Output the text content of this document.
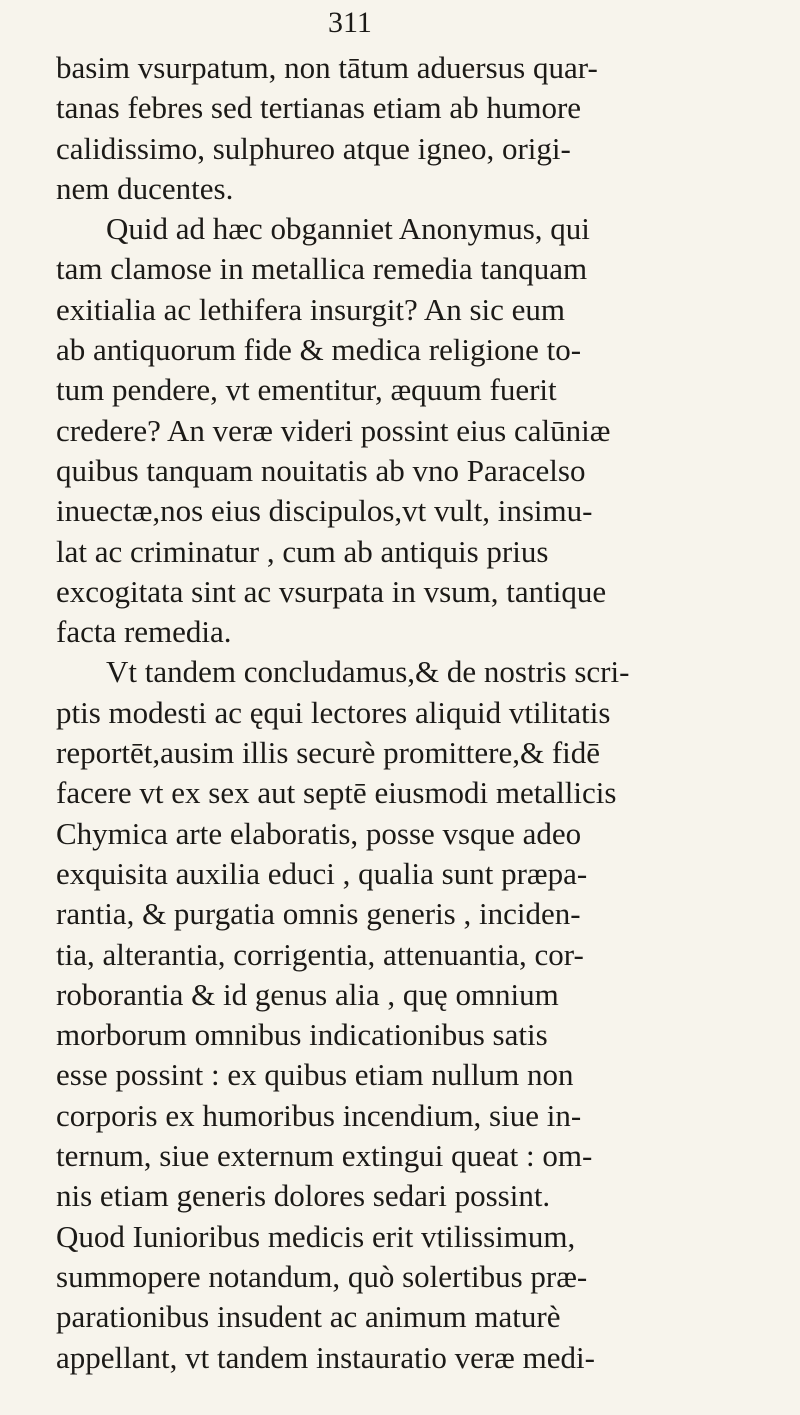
311
basim vsurpatum, non tātum aduersus quar-
tanas febres sed tertianas etiam ab humore
calidissimo, sulphureo atque igneo, origi-
nem ducentes.
Quid ad hæc obganniet Anonymus, qui
tam clamose in metallica remedia tanquam
exitialia ac lethifera insurgit? An sic eum
ab antiquorum fide & medica religione to-
tum pendere, vt ementitur, æquum fuerit
credere? An veræ videri possint eius calūniæ
quibus tanquam nouitatis ab vno Paracelso
inuectæ,nos eius discipulos,vt vult, insimu-
lat ac criminatur , cum ab antiquis prius
excogitata sint ac vsurpata in vsum, tantique
facta remedia.
Vt tandem concludamus,& de nostris scri-
ptis modesti ac ęqui lectores aliquid vtilitatis
reportēt,ausim illis securè promittere,& fidē
facere vt ex sex aut septē eiusmodi metallicis
Chymica arte elaboratis, posse vsque adeo
exquisita auxilia educi , qualia sunt præpa-
rantia, & purgatia omnis generis , inciden-
tia, alterantia, corrigentia, attenuantia, cor-
roborantia & id genus alia , quę omnium
morborum omnibus indicationibus satis
esse possint : ex quibus etiam nullum non
corporis ex humoribus incendium, siue in-
ternum, siue externum extingui queat : om-
nis etiam generis dolores sedari possint.
Quod Iunioribus medicis erit vtilissimum,
summopere notandum, quò solertibus præ-
parationibus insudent ac animum maturè
appellant, vt tandem instauratio veræ medi-
